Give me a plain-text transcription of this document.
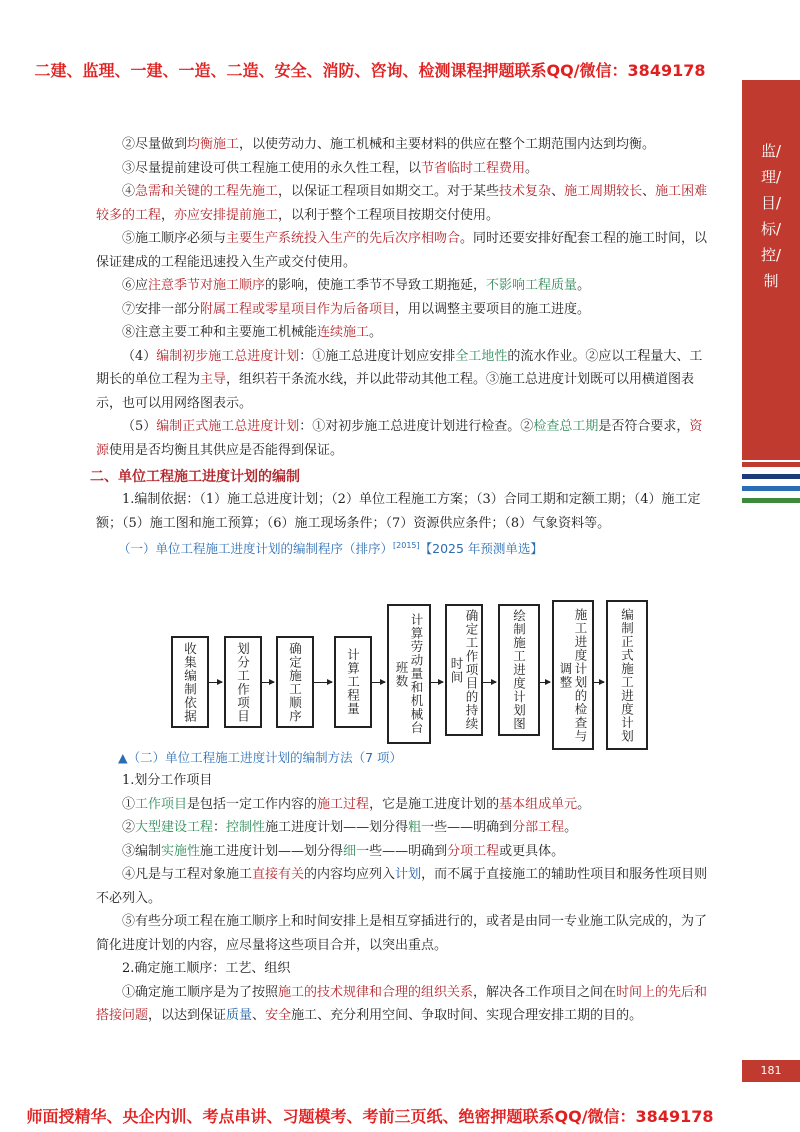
二建、监理、一建、一造、二造、安全、消防、咨询、检测课程押题联系QQ/微信：3849178
监/理/目/标/控/制

②尽量做到均衡施工，以使劳动力、施工机械和主要材料的供应在整个工期范围内达到均衡。

③尽量提前建设可供工程施工使用的永久性工程，以节省临时工程费用。

④急需和关键的工程先施工，以保证工程项目如期交工。对于某些技术复杂、施工周期较长、施工困难较多的工程，亦应安排提前施工，以利于整个工程项目按期交付使用。

⑤施工顺序必须与主要生产系统投入生产的先后次序相吻合。同时还要安排好配套工程的施工时间，以保证建成的工程能迅速投入生产或交付使用。

⑥应注意季节对施工顺序的影响，使施工季节不导致工期拖延，不影响工程质量。

⑦安排一部分附属工程或零星项目作为后备项目，用以调整主要项目的施工进度。

⑧注意主要工种和主要施工机械能连续施工。

（4）编制初步施工总进度计划：①施工总进度计划应安排全工地性的流水作业。②应以工程量大、工期长的单位工程为主导，组织若干条流水线，并以此带动其他工程。③施工总进度计划既可以用横道图表示，也可以用网络图表示。

（5）编制正式施工总进度计划：①对初步施工总进度计划进行检查。②检查总工期是否符合要求，资源使用是否均衡且其供应是否能得到保证。

二、单位工程施工进度计划的编制

1.编制依据：（1）施工总进度计划；（2）单位工程施工方案；（3）合同工期和定额工期；（4）施工定额；（5）施工图和施工预算；（6）施工现场条件；（7）资源供应条件；（8）气象资料等。

（一）单位工程施工进度计划的编制程序（排序）[2015]【2025 年预测单选】
收集编制依据	划分工作项目	确定施工顺序	计算工程量	计算劳动量和机械台班数	确定工作项目的持续时间	绘制施工进度计划图	施工进度计划的检查与调整	编制正式施工进度计划
▲（二）单位工程施工进度计划的编制方法（7 项）

1.划分工作项目

①工作项目是包括一定工作内容的施工过程，它是施工进度计划的基本组成单元。

②大型建设工程：控制性施工进度计划——划分得粗一些——明确到分部工程。

③编制实施性施工进度计划——划分得细一些——明确到分项工程或更具体。

④凡是与工程对象施工直接有关的内容均应列入计划，而不属于直接施工的辅助性项目和服务性项目则不必列入。

⑤有些分项工程在施工顺序上和时间安排上是相互穿插进行的，或者是由同一专业施工队完成的，为了简化进度计划的内容，应尽量将这些项目合并，以突出重点。

2.确定施工顺序：工艺、组织

①确定施工顺序是为了按照施工的技术规律和合理的组织关系，解决各工作项目之间在时间上的先后和搭接问题，以达到保证质量、安全施工、充分利用空间、争取时间、实现合理安排工期的目的。

181
师面授精华、央企内训、考点串讲、习题模考、考前三页纸、绝密押题联系QQ/微信：3849178
